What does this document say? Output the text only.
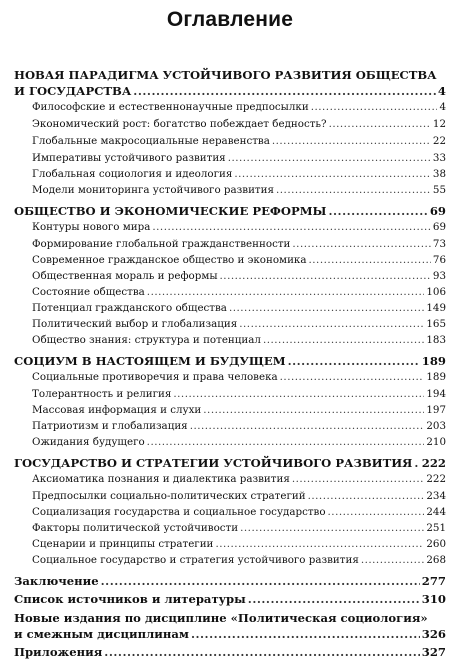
Оглавление
НОВАЯ ПАРАДИГМА УСТОЙЧИВОГО РАЗВИТИЯ ОБЩЕСТВА
И ГОСУДАРСТВА .....	4
Философские и естественнонаучные предпосылки .....	4
Экономический рост: богатство побеждает бедность? .....	12
Глобальные макросоциальные неравенства .....	22
Императивы устойчивого развития .....	33
Глобальная социология и идеология .....	38
Модели мониторинга устойчивого развития .....	55
ОБЩЕСТВО И ЭКОНОМИЧЕСКИЕ РЕФОРМЫ .....	69
Контуры нового мира .....	69
Формирование глобальной гражданственности .....	73
Современное гражданское общество и экономика .....	76
Общественная мораль и реформы .....	93
Состояние общества .....	106
Потенциал гражданского общества .....	149
Политический выбор и глобализация .....	165
Общество знания: структура и потенциал .....	183
СОЦИУМ В НАСТОЯЩЕМ И БУДУЩЕМ .....	189
Социальные противоречия и права человека .....	189
Толерантность и религия .....	194
Массовая информация и слухи .....	197
Патриотизм и глобализация .....	203
Ожидания будущего .....	210
ГОСУДАРСТВО И СТРАТЕГИИ УСТОЙЧИВОГО РАЗВИТИЯ ..... 222
Аксиоматика познания и диалектика развития .....	222
Предпосылки социально-политических стратегий .....	234
Социализация государства и социальное государство .....	244
Факторы политической устойчивости .....	251
Сценарии и принципы стратегии .....	260
Социальное государство и стратегия устойчивого развития .....	268
Заключение .....	277
Список источников и литературы .....	310
Новые издания по дисциплине «Политическая социология»
и смежным дисциплинам .....	326
Приложения .....	327
